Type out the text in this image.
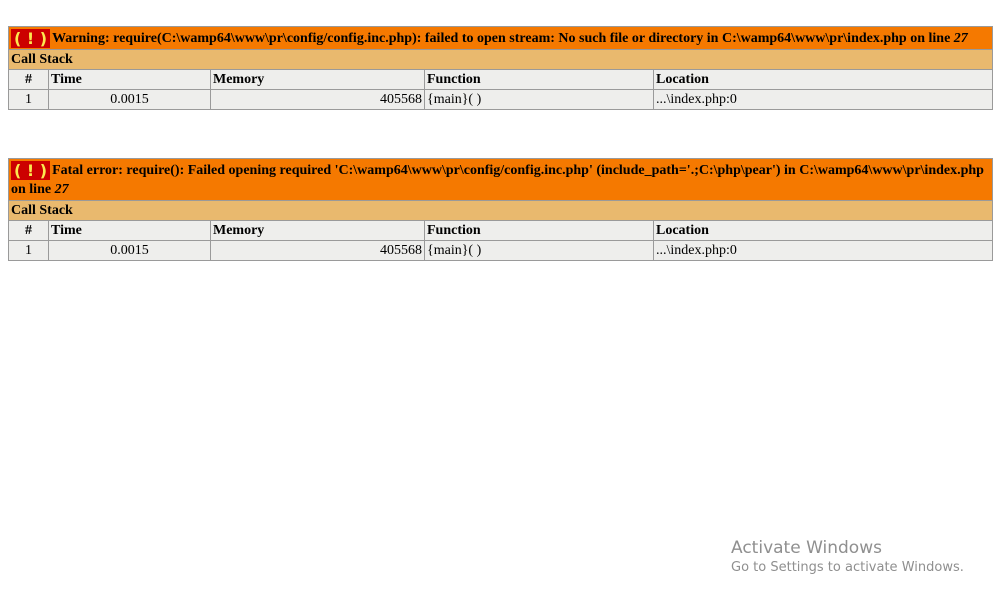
( ! ) Warning: require(C:\wamp64\www\pr\config/config.inc.php): failed to open stream: No such file or directory in C:\wamp64\www\pr\index.php on line 27				
Call Stack				
#	Time	Memory	Function	Location
1	0.0015	405568	{main}( )	...\index.php:0
( ! ) Fatal error: require(): Failed opening required 'C:\wamp64\www\pr\config/config.inc.php' (include_path='.;C:\php\pear') in C:\wamp64\www\pr\index.php on line 27				
Call Stack				
#	Time	Memory	Function	Location
1	0.0015	405568	{main}( )	...\index.php:0
Activate Windows
Go to Settings to activate Windows.
